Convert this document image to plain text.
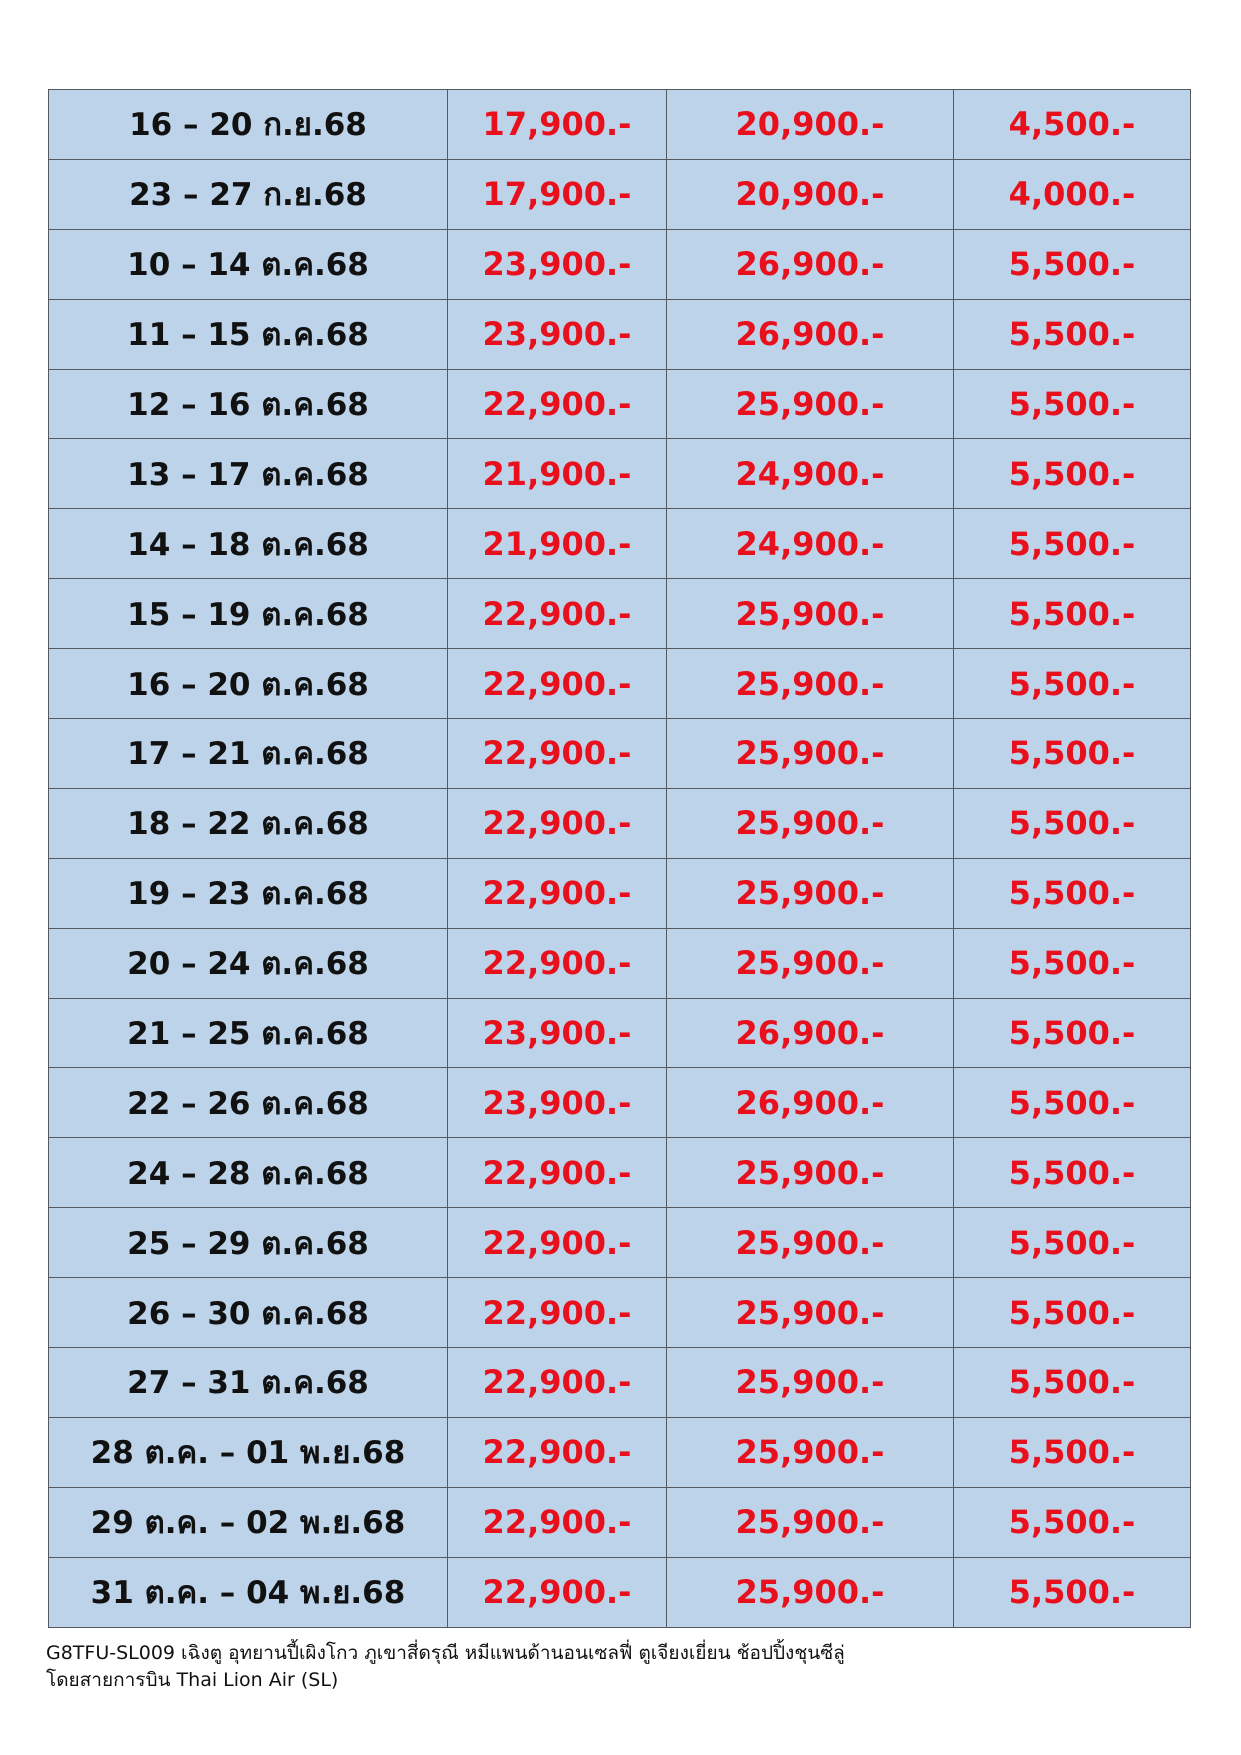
16 – 20 ก.ย.68	17,900.-	20,900.-	4,500.-
23 – 27 ก.ย.68	17,900.-	20,900.-	4,000.-
10 – 14 ต.ค.68	23,900.-	26,900.-	5,500.-
11 – 15 ต.ค.68	23,900.-	26,900.-	5,500.-
12 – 16 ต.ค.68	22,900.-	25,900.-	5,500.-
13 – 17 ต.ค.68	21,900.-	24,900.-	5,500.-
14 – 18 ต.ค.68	21,900.-	24,900.-	5,500.-
15 – 19 ต.ค.68	22,900.-	25,900.-	5,500.-
16 – 20 ต.ค.68	22,900.-	25,900.-	5,500.-
17 – 21 ต.ค.68	22,900.-	25,900.-	5,500.-
18 – 22 ต.ค.68	22,900.-	25,900.-	5,500.-
19 – 23 ต.ค.68	22,900.-	25,900.-	5,500.-
20 – 24 ต.ค.68	22,900.-	25,900.-	5,500.-
21 – 25 ต.ค.68	23,900.-	26,900.-	5,500.-
22 – 26 ต.ค.68	23,900.-	26,900.-	5,500.-
24 – 28 ต.ค.68	22,900.-	25,900.-	5,500.-
25 – 29 ต.ค.68	22,900.-	25,900.-	5,500.-
26 – 30 ต.ค.68	22,900.-	25,900.-	5,500.-
27 – 31 ต.ค.68	22,900.-	25,900.-	5,500.-
28 ต.ค. – 01 พ.ย.68	22,900.-	25,900.-	5,500.-
29 ต.ค. – 02 พ.ย.68	22,900.-	25,900.-	5,500.-
31 ต.ค. – 04 พ.ย.68	22,900.-	25,900.-	5,500.-
G8TFU-SL009 เฉิงตู อุทยานปี้เผิงโกว ภูเขาสี่ดรุณี หมีแพนด้านอนเซลฟี่ ตูเจียงเยี่ยน ช้อปปิ้งชุนซีลู่
โดยสายการบิน Thai Lion Air (SL)
